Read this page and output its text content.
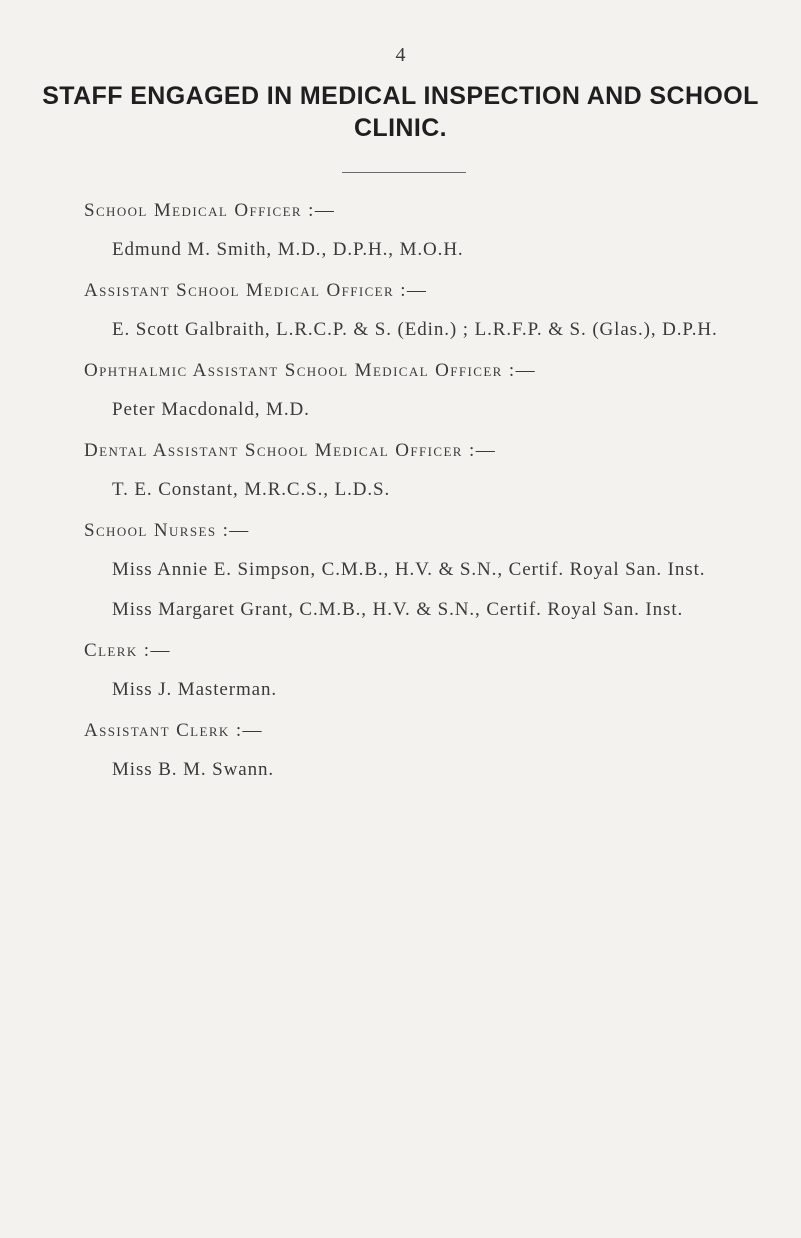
4
STAFF ENGAGED IN MEDICAL INSPECTION AND SCHOOL
CLINIC.
School Medical Officer :—
Edmund M. Smith, M.D., D.P.H., M.O.H.
Assistant School Medical Officer :—
E. Scott Galbraith, L.R.C.P. & S. (Edin.) ; L.R.F.P. & S. (Glas.), D.P.H.
Ophthalmic Assistant School Medical Officer :—
Peter Macdonald, M.D.
Dental Assistant School Medical Officer :—
T. E. Constant, M.R.C.S., L.D.S.
School Nurses :—
Miss Annie E. Simpson, C.M.B., H.V. & S.N., Certif. Royal San. Inst.
Miss Margaret Grant, C.M.B., H.V. & S.N., Certif. Royal San. Inst.
Clerk :—
Miss J. Masterman.
Assistant Clerk :—
Miss B. M. Swann.
